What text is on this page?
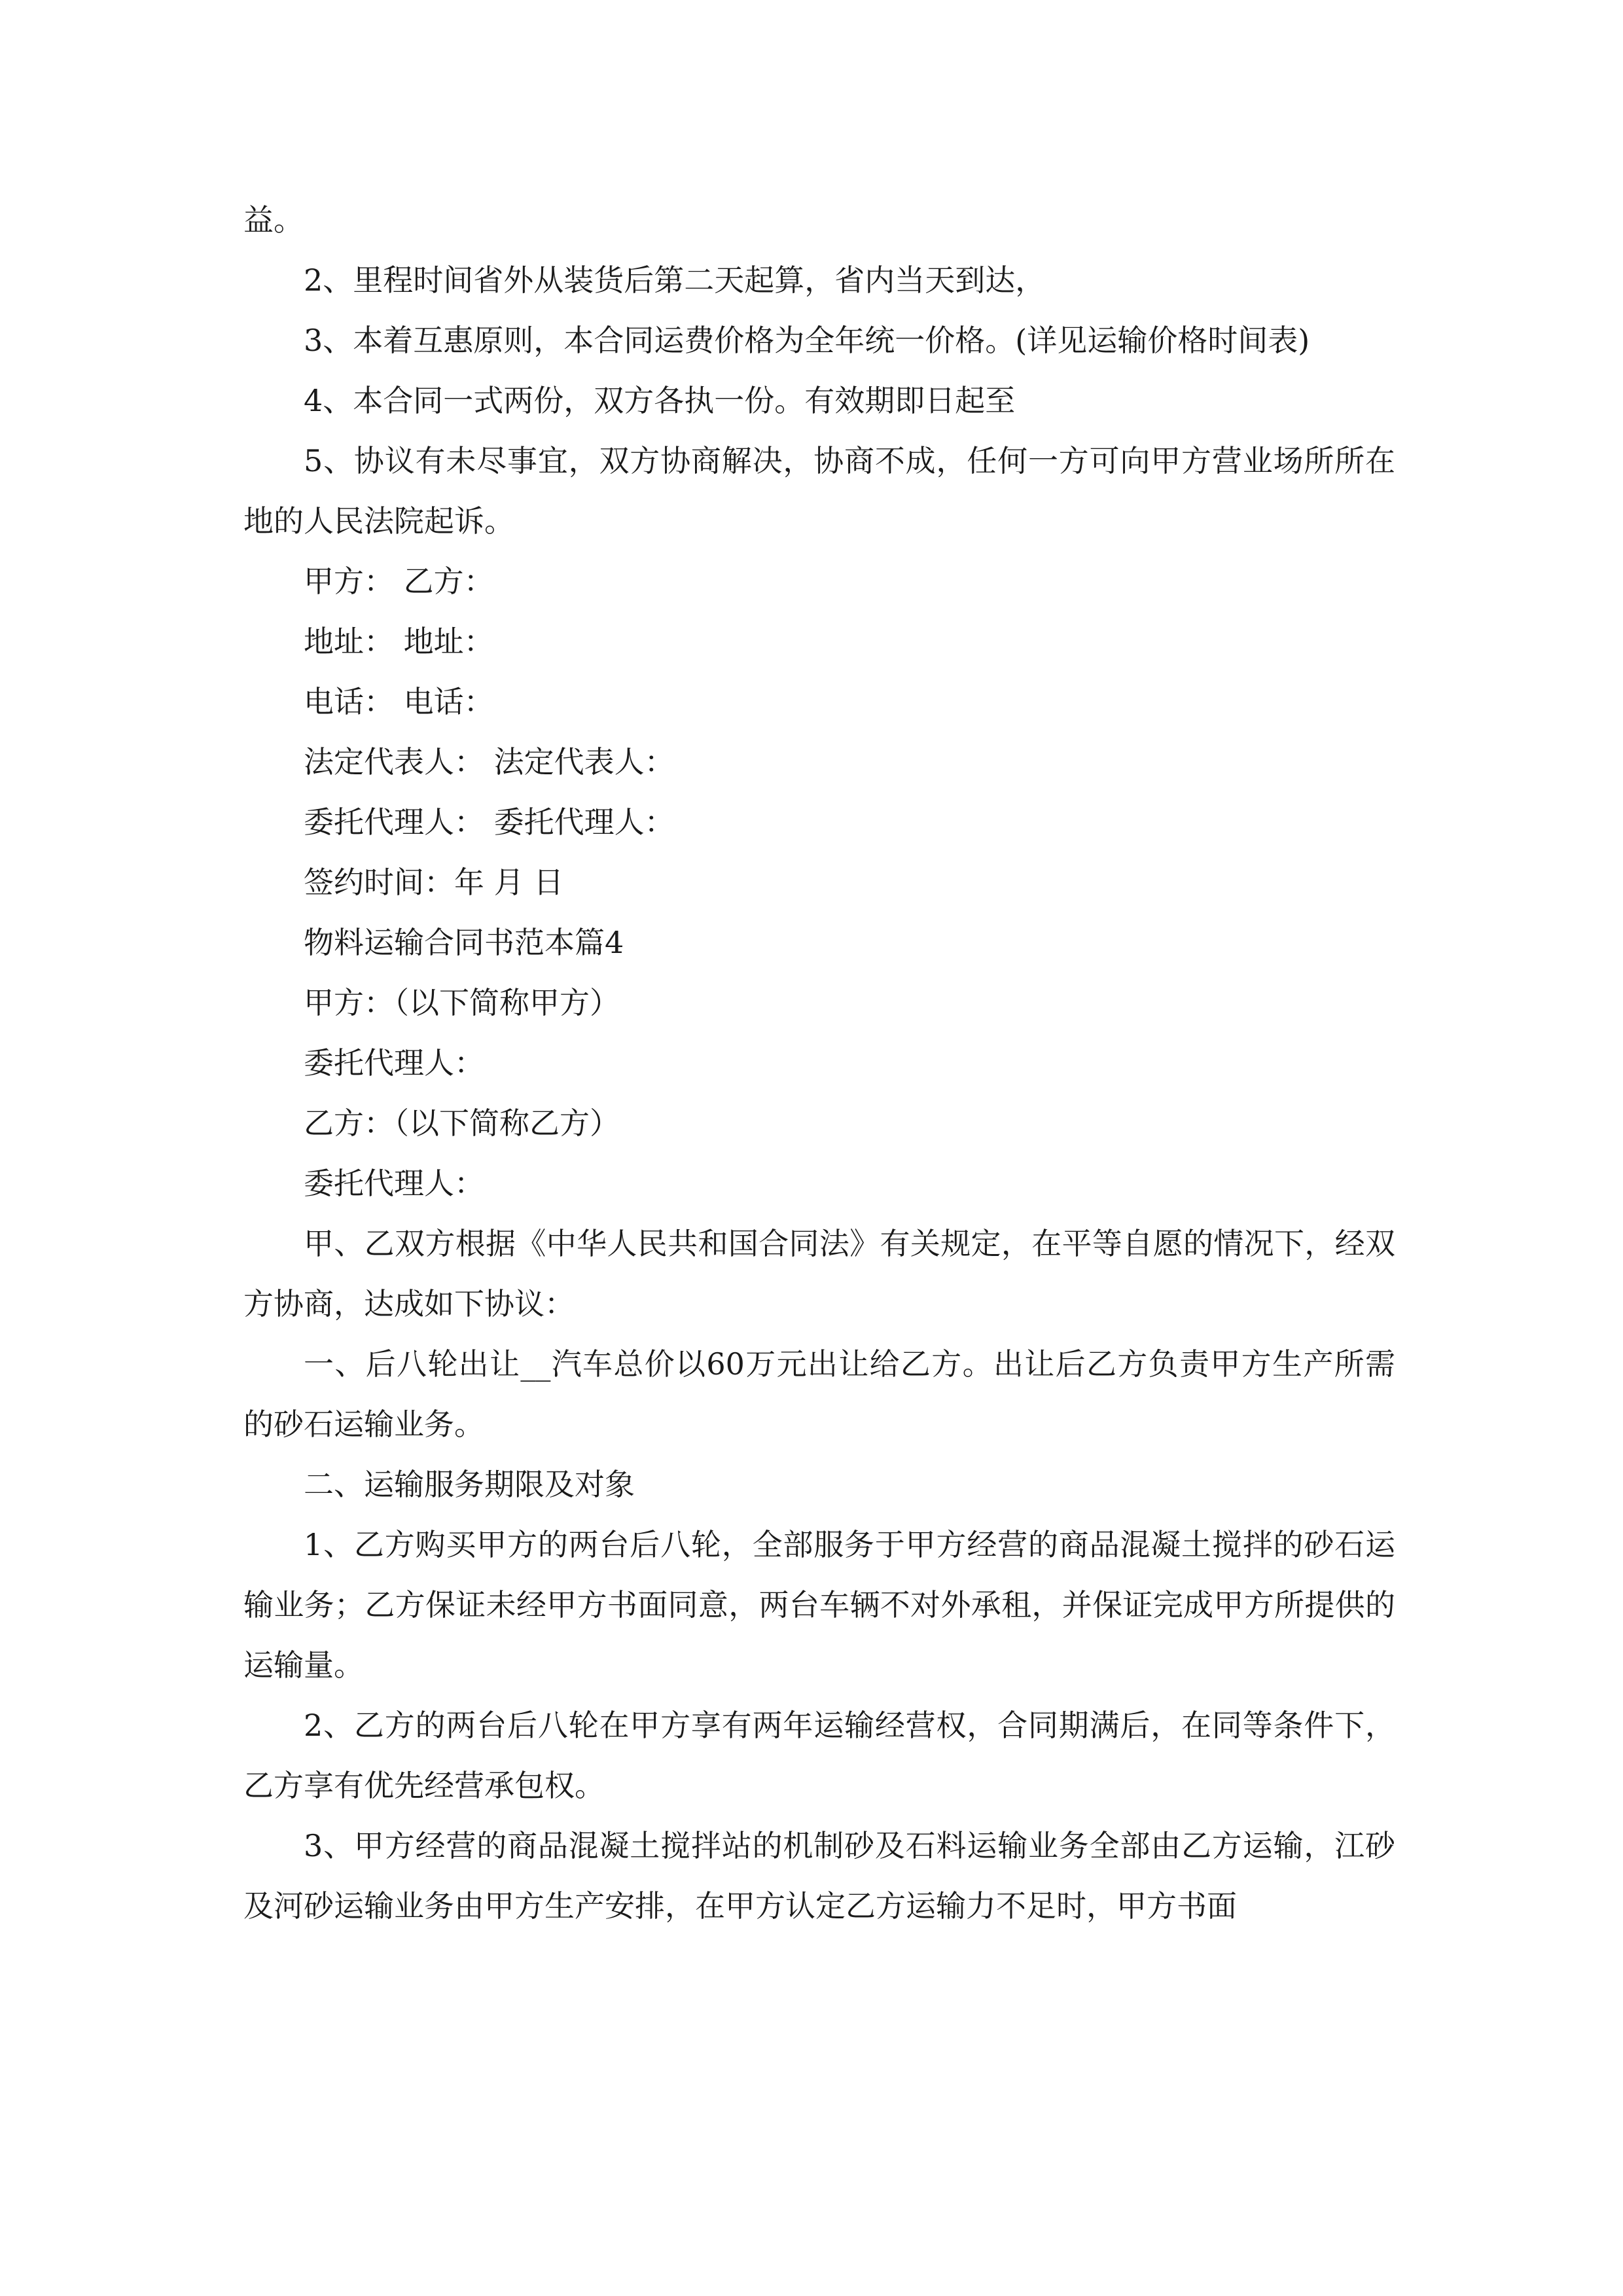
益。

2、里程时间省外从装货后第二天起算，省内当天到达，

3、本着互惠原则，本合同运费价格为全年统一价格。(详见运输价格时间表)

4、本合同一式两份，双方各执一份。有效期即日起至

5、协议有未尽事宜，双方协商解决，协商不成，任何一方可向甲方营业场所所在地的人民法院起诉。

甲方： 乙方：

地址： 地址：

电话： 电话：

法定代表人： 法定代表人：

委托代理人： 委托代理人：

签约时间：年 月 日

物料运输合同书范本篇4

甲方：（以下简称甲方）

委托代理人：

乙方：（以下简称乙方）

委托代理人：

甲、乙双方根据《中华人民共和国合同法》有关规定，在平等自愿的情况下，经双方协商，达成如下协议：

一、后八轮出让__汽车总价以60万元出让给乙方。出让后乙方负责甲方生产所需的砂石运输业务。

二、运输服务期限及对象

1、乙方购买甲方的两台后八轮，全部服务于甲方经营的商品混凝土搅拌的砂石运输业务；乙方保证未经甲方书面同意，两台车辆不对外承租，并保证完成甲方所提供的运输量。

2、乙方的两台后八轮在甲方享有两年运输经营权，合同期满后，在同等条件下，乙方享有优先经营承包权。

3、甲方经营的商品混凝土搅拌站的机制砂及石料运输业务全部由乙方运输，江砂及河砂运输业务由甲方生产安排，在甲方认定乙方运输力不足时，甲方书面
